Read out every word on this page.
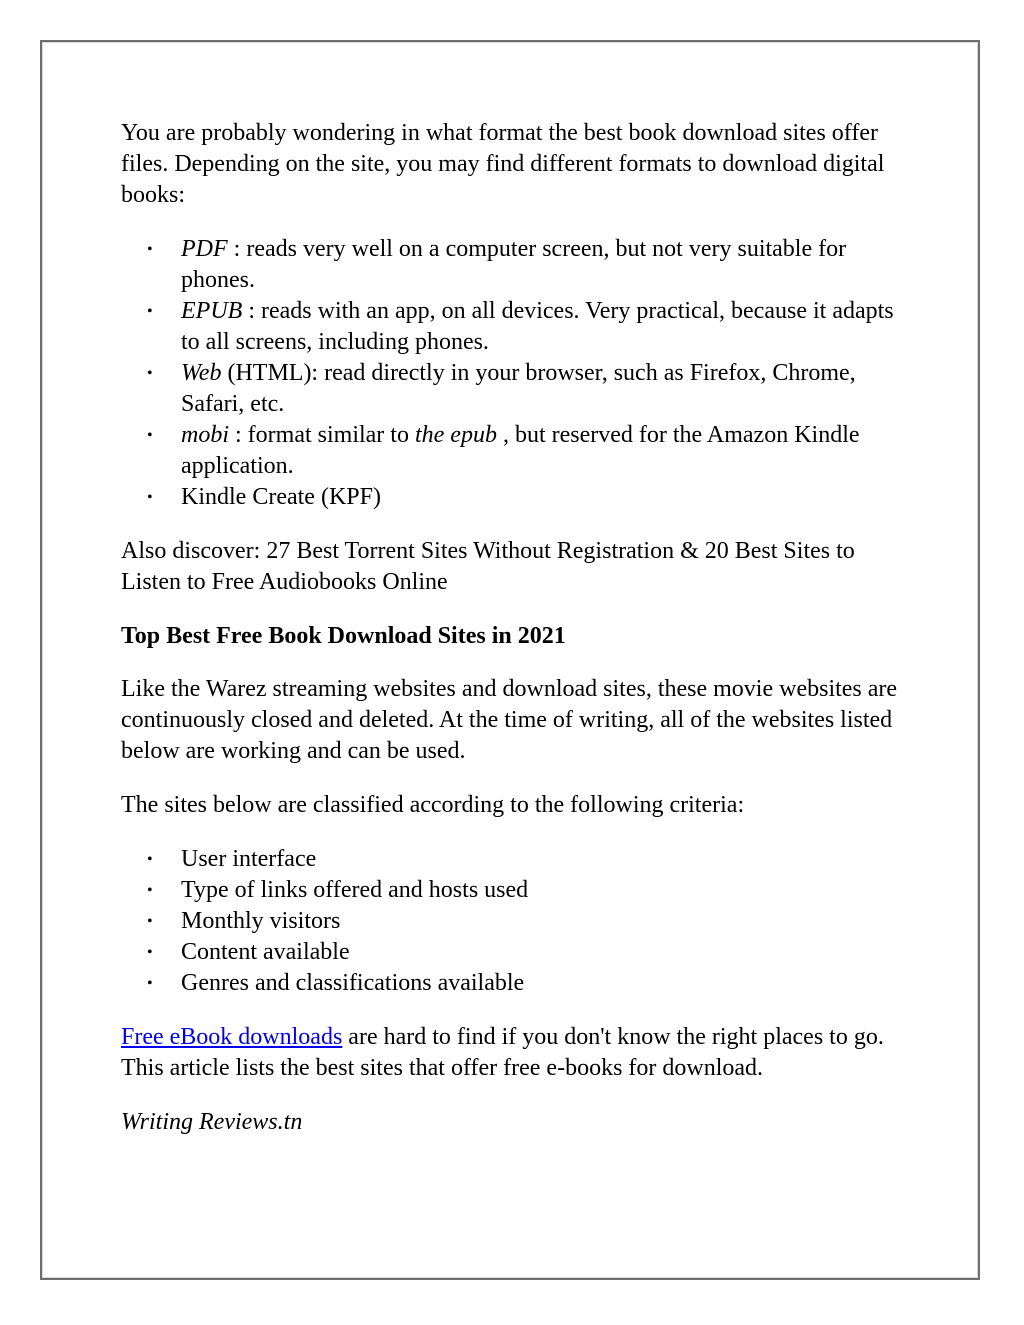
You are probably wondering in what format the best book download sites offer files. Depending on the site, you may find different formats to download digital books:

• PDF : reads very well on a computer screen, but not very suitable for phones.
• EPUB : reads with an app, on all devices. Very practical, because it adapts to all screens, including phones.
• Web (HTML): read directly in your browser, such as Firefox, Chrome, Safari, etc.
• mobi : format similar to the epub , but reserved for the Amazon Kindle application.
• Kindle Create (KPF)

Also discover: 27 Best Torrent Sites Without Registration & 20 Best Sites to Listen to Free Audiobooks Online

Top Best Free Book Download Sites in 2021

Like the Warez streaming websites and download sites, these movie websites are continuously closed and deleted. At the time of writing, all of the websites listed below are working and can be used.

The sites below are classified according to the following criteria:

• User interface
• Type of links offered and hosts used
• Monthly visitors
• Content available
• Genres and classifications available

Free eBook downloads are hard to find if you don't know the right places to go. This article lists the best sites that offer free e-books for download.

Writing Reviews.tn
